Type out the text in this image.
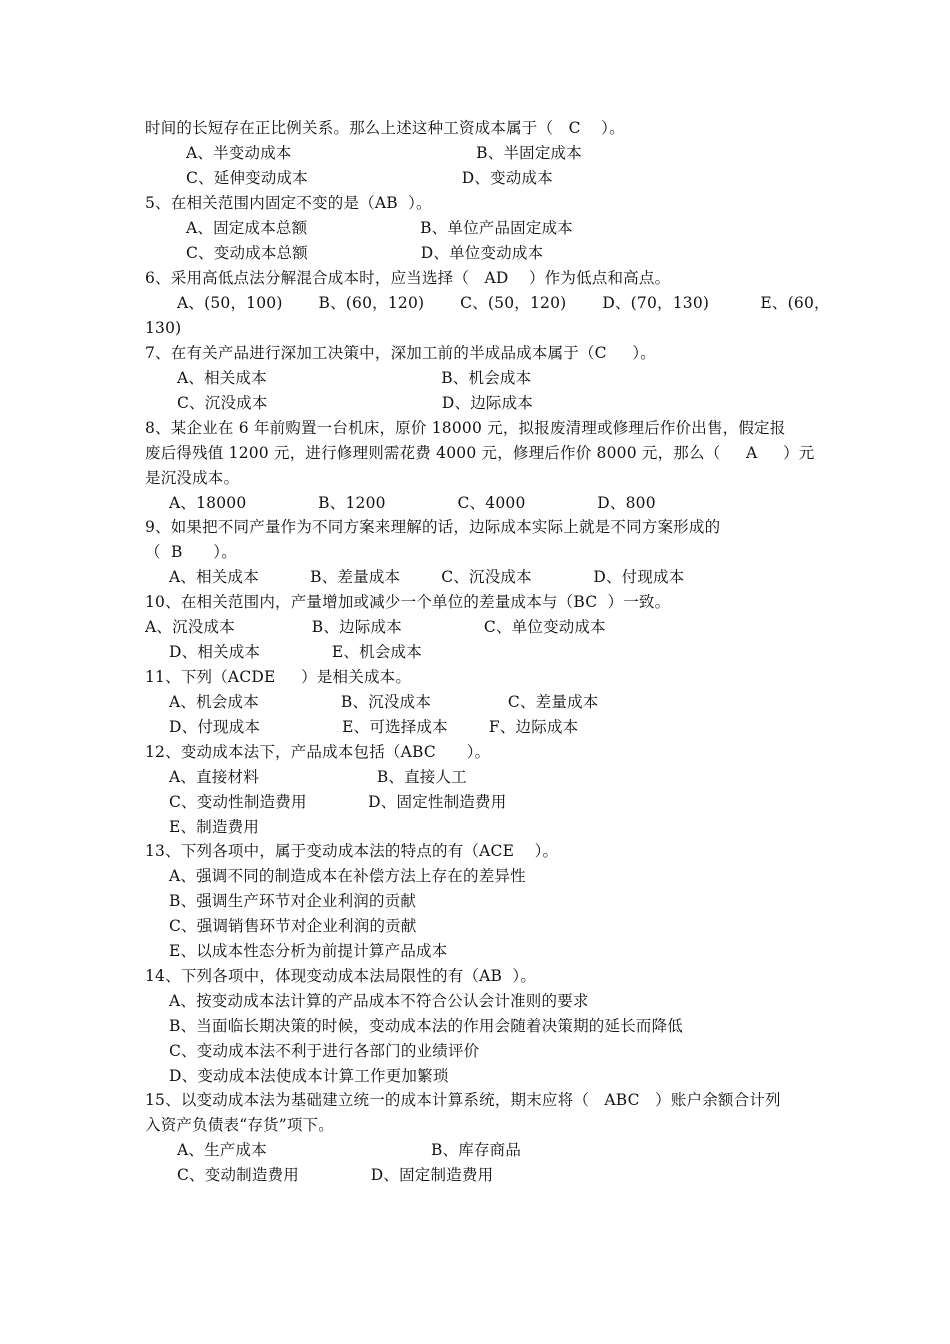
时间的长短存在正比例关系。那么上述这种工资成本属于（   C    ）。
A、半变动成本                                    B、半固定成本
C、延伸变动成本                              D、变动成本
5、在相关范围内固定不变的是（AB  ）。
A、固定成本总额                      B、单位产品固定成本
C、变动成本总额                      D、单位变动成本
6、采用高低点法分解混合成本时，应当选择（   AD    ）作为低点和高点。
A、(50，100)       B、(60，120)       C、(50，120)       D、(70，130)          E、(60，
130)
7、在有关产品进行深加工决策中，深加工前的半成品成本属于（C     ）。
A、相关成本                                  B、机会成本
C、沉没成本                                  D、边际成本
8、某企业在 6 年前购置一台机床，原价 18000 元，拟报废清理或修理后作价出售，假定报
废后得残值 1200 元，进行修理则需花费 4000 元，修理后作价 8000 元，那么（     A     ）元
是沉没成本。
A、18000              B、1200              C、4000              D、800
9、如果把不同产量作为不同方案来理解的话，边际成本实际上就是不同方案形成的
（  B      ）。
A、相关成本          B、差量成本        C、沉没成本            D、付现成本
10、在相关范围内，产量增加或减少一个单位的差量成本与（BC  ）一致。
A、沉没成本               B、边际成本                C、单位变动成本
D、相关成本              E、机会成本
11、下列（ACDE     ）是相关成本。
A、机会成本                B、沉没成本               C、差量成本
D、付现成本                E、可选择成本        F、边际成本
12、变动成本法下，产品成本包括（ABC      ）。
A、直接材料                       B、直接人工
C、变动性制造费用            D、固定性制造费用
E、制造费用
13、下列各项中，属于变动成本法的特点的有（ACE    ）。
A、强调不同的制造成本在补偿方法上存在的差异性
B、强调生产环节对企业利润的贡献
C、强调销售环节对企业利润的贡献
E、以成本性态分析为前提计算产品成本
14、下列各项中，体现变动成本法局限性的有（AB  ）。
A、按变动成本法计算的产品成本不符合公认会计准则的要求
B、当面临长期决策的时候，变动成本法的作用会随着决策期的延长而降低
C、变动成本法不利于进行各部门的业绩评价
D、变动成本法使成本计算工作更加繁琐
15、以变动成本法为基础建立统一的成本计算系统，期末应将（   ABC   ）账户余额合计列
入资产负债表“存货”项下。
A、生产成本                                B、库存商品
C、变动制造费用              D、固定制造费用
